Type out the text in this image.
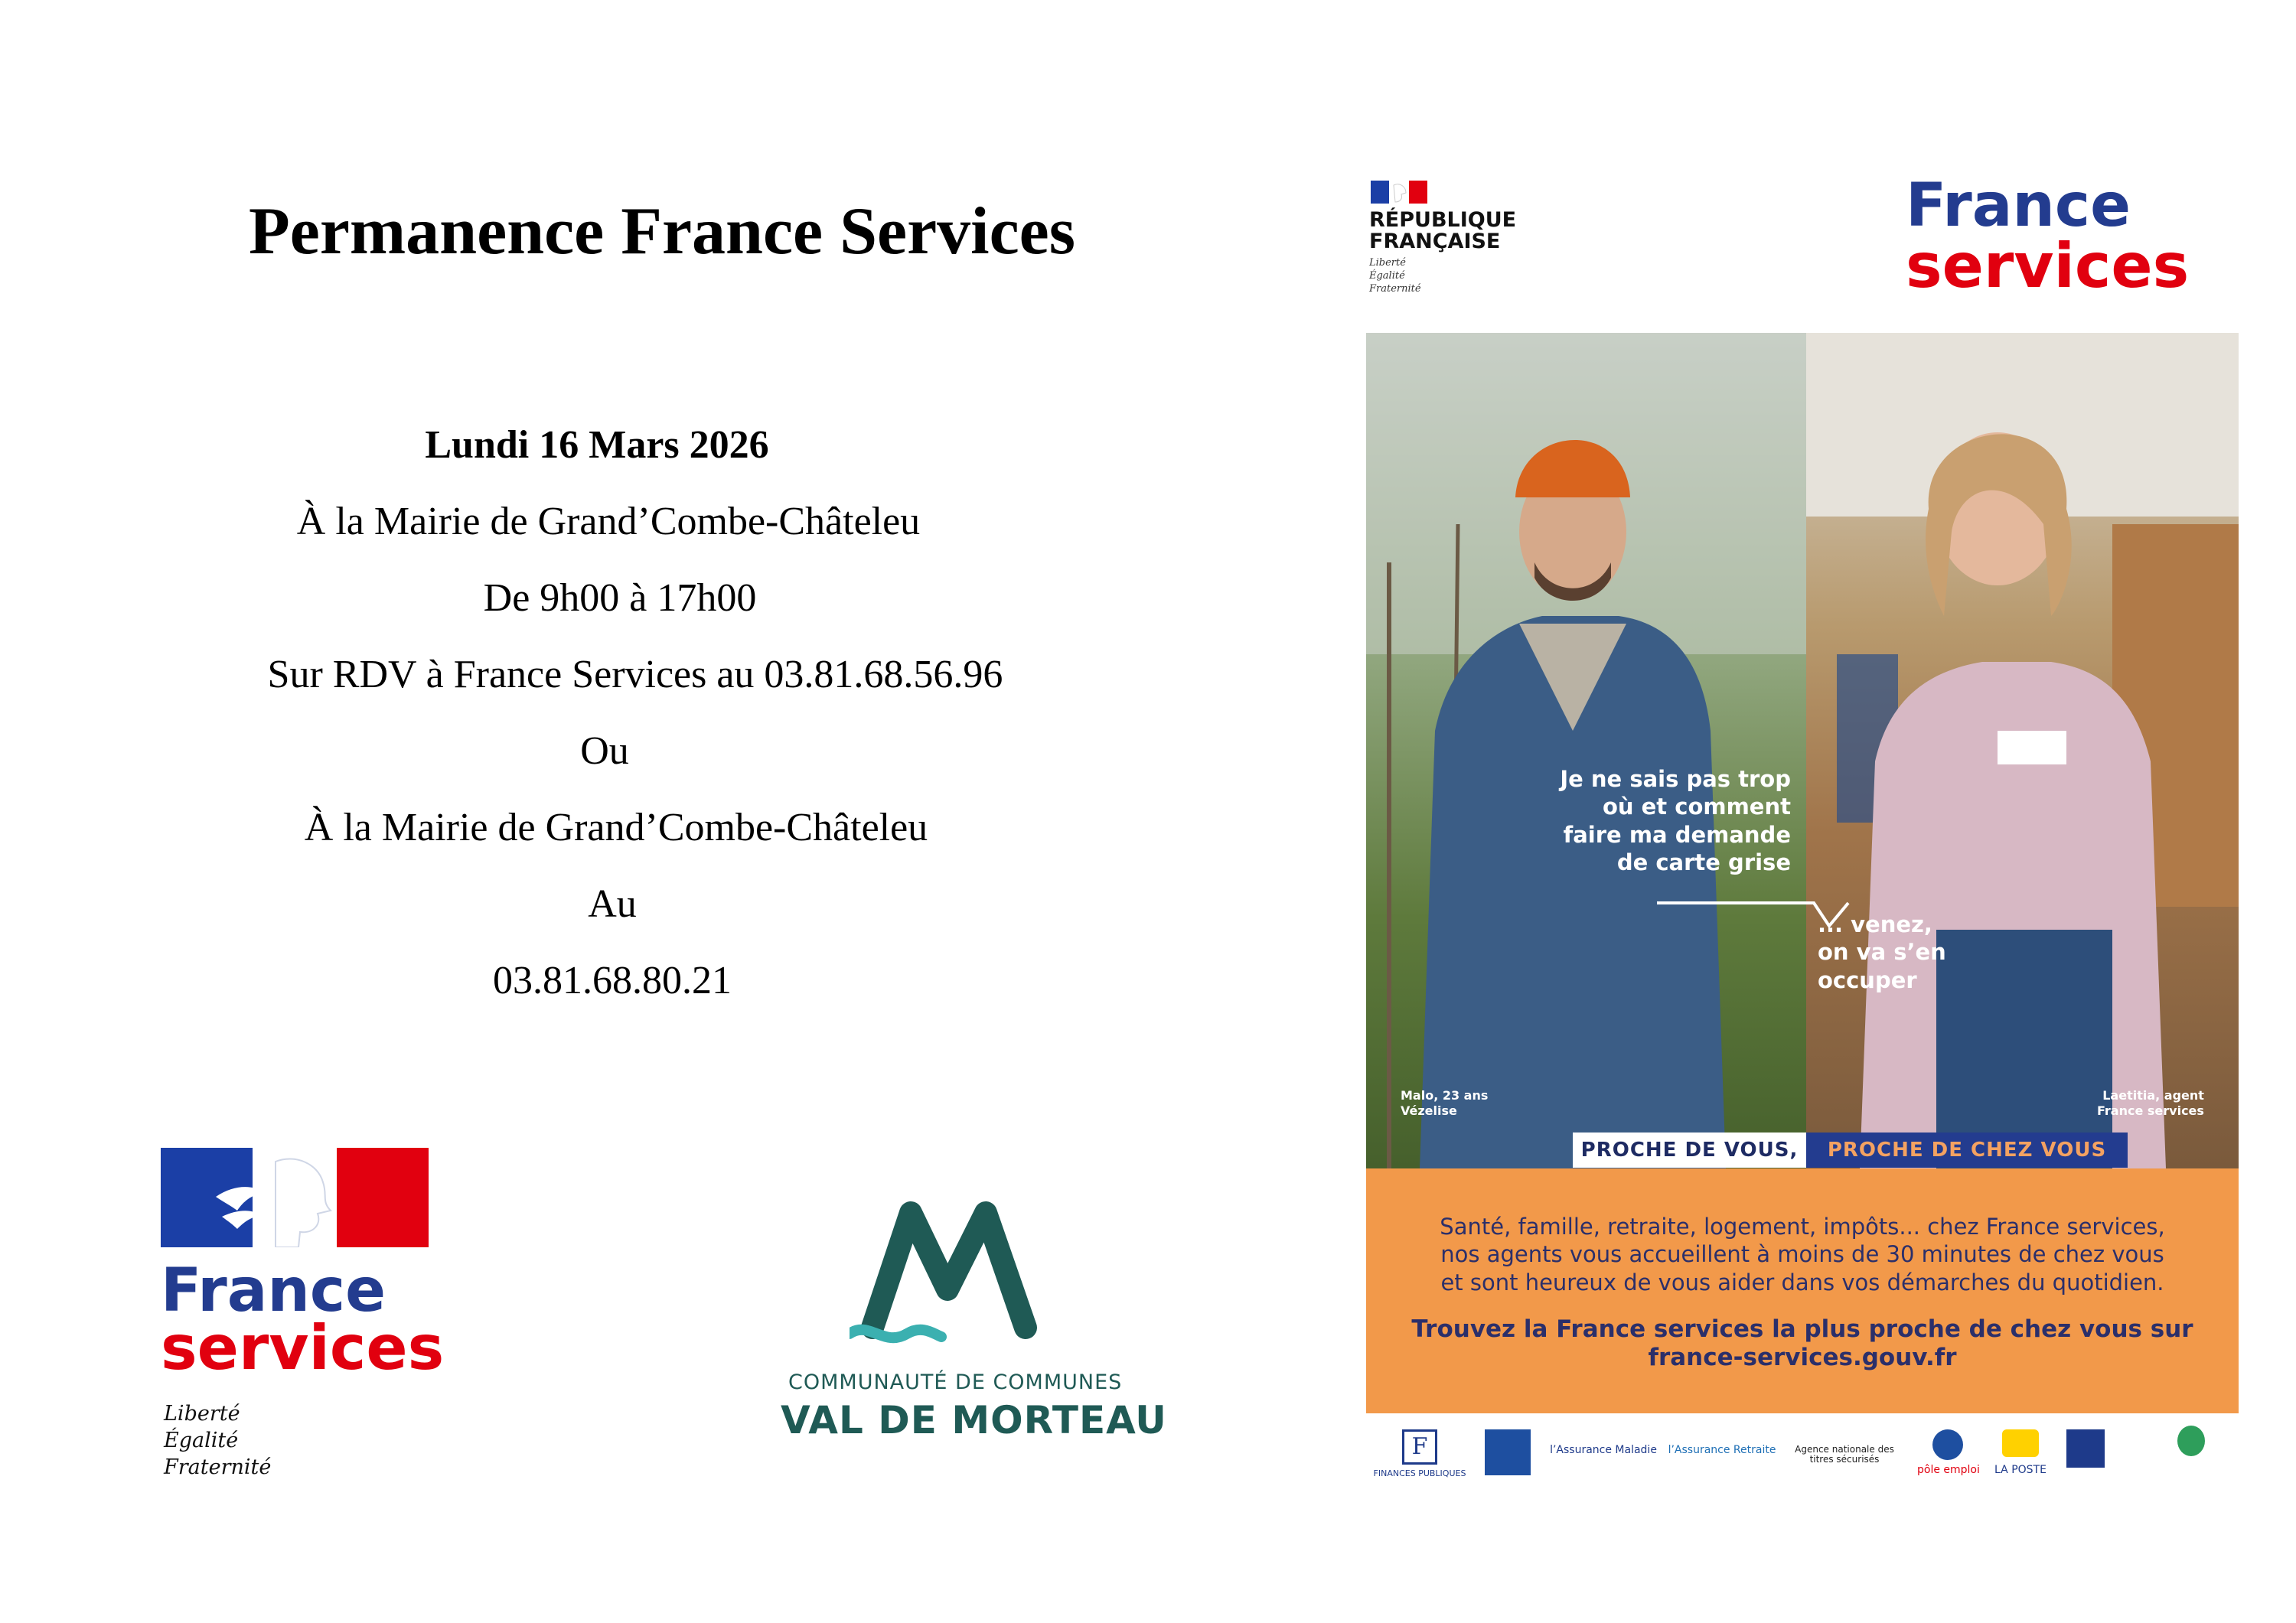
Permanence France Services
Lundi 16 Mars 2026
À la Mairie de Grand’Combe-Châteleu
De 9h00 à 17h00
Sur RDV à France Services au 03.81.68.56.96
Ou
À la Mairie de Grand’Combe-Châteleu
Au
03.81.68.80.21
France
services
Liberté
Égalité
Fraternité
COMMUNAUTÉ DE COMMUNES
VAL DE MORTEAU
RÉPUBLIQUE
FRANÇAISE
Liberté
Égalité
Fraternité
France
services
Je ne sais pas trop
où et comment
faire ma demande
de carte grise
... venez,
on va s’en
occuper
Malo, 23 ans
Vézelise
Laetitia, agent
France services
PROCHE DE VOUS,	PROCHE DE CHEZ VOUS
Santé, famille, retraite, logement, impôts... chez France services,
nos agents vous accueillent à moins de 30 minutes de chez vous
et sont heureux de vous aider dans vos démarches du quotidien.
Trouvez la France services la plus proche de chez vous sur
france-services.gouv.fr
F
FINANCES PUBLIQUES
l’Assurance Maladie	l’Assurance Retraite	Agence nationale des titres sécurisés
pôle emploi	LA POSTE
